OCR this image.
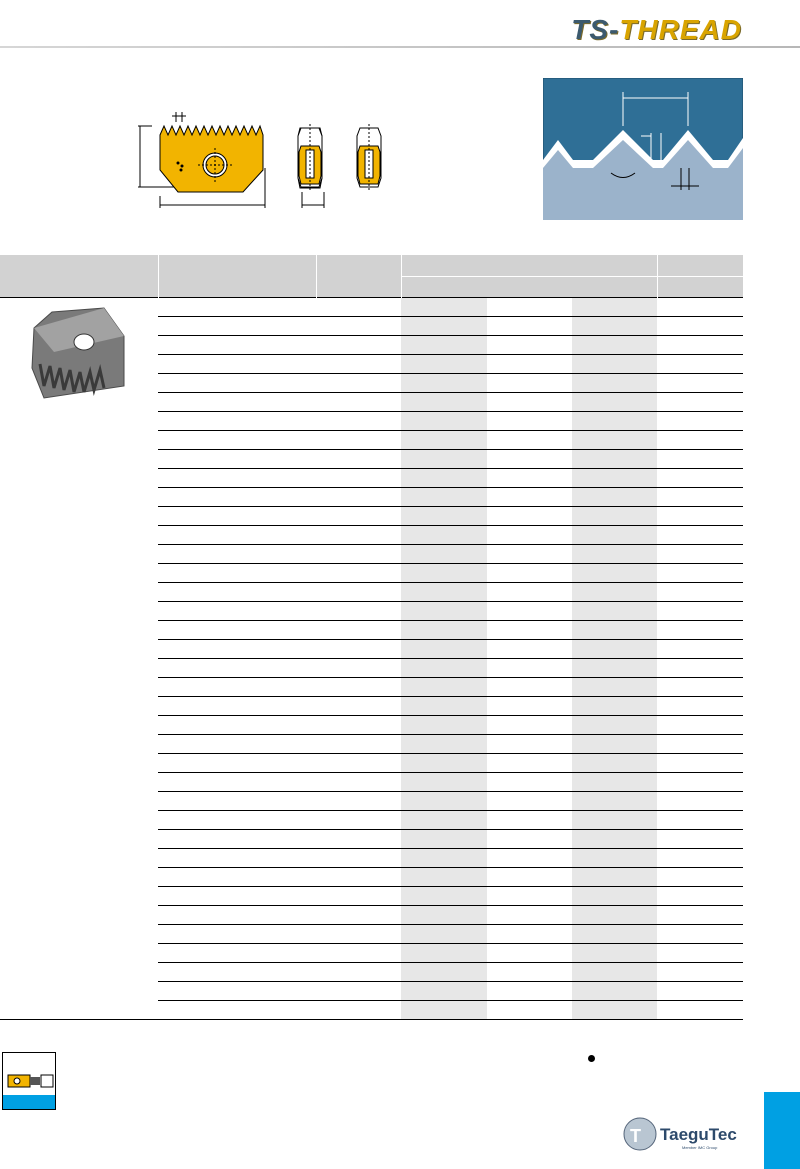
TS-THREAD

T TaeguTec
Member IMC Group
